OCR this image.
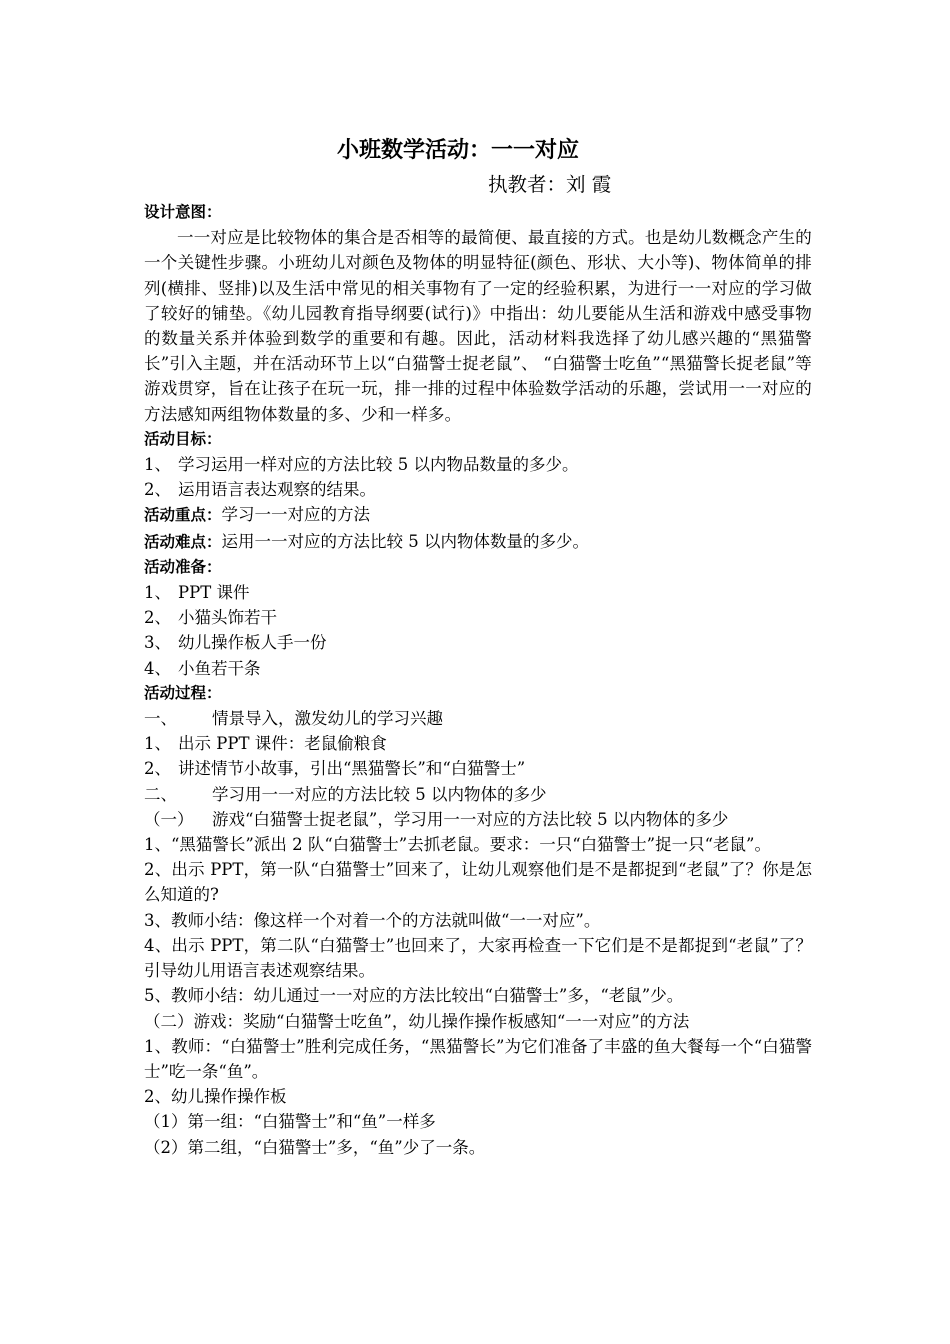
小班数学活动：一一对应
执教者：刘 霞

设计意图：

一一对应是比较物体的集合是否相等的最简便、最直接的方式。也是幼儿数概念产生的一个关键性步骤。小班幼儿对颜色及物体的明显特征(颜色、形状、大小等)、物体简单的排列(横排、竖排)以及生活中常见的相关事物有了一定的经验积累，为进行一一对应的学习做了较好的铺垫。《幼儿园教育指导纲要(试行)》中指出：幼儿要能从生活和游戏中感受事物的数量关系并体验到数学的重要和有趣。因此，活动材料我选择了幼儿感兴趣的“黑猫警长”引入主题，并在活动环节上以“白猫警士捉老鼠”、 “白猫警士吃鱼”“黑猫警长捉老鼠”等游戏贯穿，旨在让孩子在玩一玩，排一排的过程中体验数学活动的乐趣，尝试用一一对应的方法感知两组物体数量的多、少和一样多。

活动目标：

1、 学习运用一样对应的方法比较 5 以内物品数量的多少。
2、 运用语言表达观察的结果。

活动重点：学习一一对应的方法

活动难点：运用一一对应的方法比较 5 以内物体数量的多少。

活动准备：

1、 PPT 课件
2、 小猫头饰若干
3、 幼儿操作板人手一份
4、 小鱼若干条

活动过程：

一、	情景导入，激发幼儿的学习兴趣
1、 出示 PPT 课件：老鼠偷粮食
2、 讲述情节小故事，引出“黑猫警长”和“白猫警士”
二、	学习用一一对应的方法比较 5 以内物体的多少
（一）	游戏“白猫警士捉老鼠”，学习用一一对应的方法比较 5 以内物体的多少

1、“黑猫警长”派出 2 队“白猫警士”去抓老鼠。要求：一只“白猫警士”捉一只“老鼠”。

2、出示 PPT，第一队“白猫警士”回来了，让幼儿观察他们是不是都捉到“老鼠”了？你是怎么知道的?

3、教师小结：像这样一个对着一个的方法就叫做“一一对应”。

4、出示 PPT，第二队“白猫警士”也回来了，大家再检查一下它们是不是都捉到“老鼠”了？引导幼儿用语言表述观察结果。

5、教师小结：幼儿通过一一对应的方法比较出“白猫警士”多，“老鼠”少。

（二）游戏：奖励“白猫警士吃鱼”，幼儿操作操作板感知“一一对应”的方法

1、教师：“白猫警士”胜利完成任务，“黑猫警长”为它们准备了丰盛的鱼大餐每一个“白猫警士”吃一条“鱼”。

2、幼儿操作操作板

（1）第一组：“白猫警士”和“鱼”一样多

（2）第二组，“白猫警士”多，“鱼”少了一条。
